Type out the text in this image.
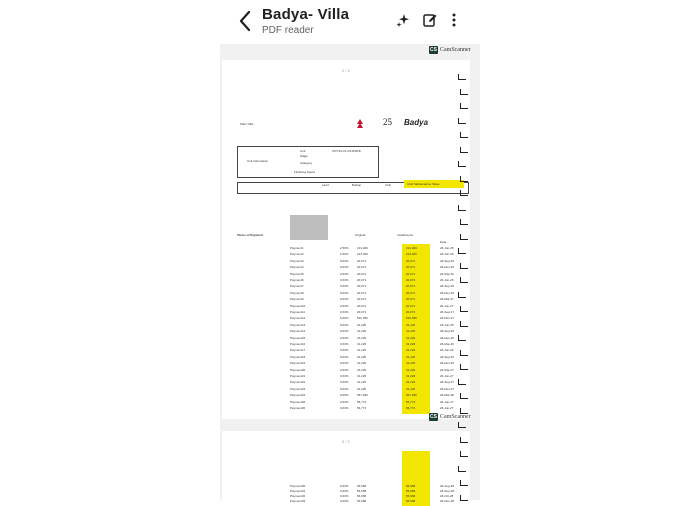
Badya- Villa
PDF reader
CS CamScanner
2 / 3
Palm Hills	25 Badya
Unit Information
Unit
Stage
Category
Finishing Specs
C5/Y34-V1-P2-B18-B
Land	Builtup	Club	Club Maintenance Value
Terms of Payment	Original	Installments
Date
Payment1	2.50%	213,460	213,460	26-Jun-25
Payment2	2.50%	213,460	213,460	26-Jun-25
Payment3	0.63%	20,071	20,071	26-Sep-25
Payment4	0.63%	20,071	20,071	26-Dec-25
Payment5	0.63%	20,071	20,071	26-Mar-26
Payment6	0.63%	20,071	20,071	26-Jun-26
Payment7	0.63%	20,071	20,071	26-Sep-26
Payment8	0.63%	20,071	20,071	26-Dec-26
Payment9	0.63%	20,071	20,071	26-Mar-27
Payment10	0.63%	20,071	20,071	26-Jun-27
Payment11	0.63%	20,071	20,071	26-Sep-27
Payment12	6.00%	510,356	510,356	26-Dec-27
Payment13	0.63%	31,226	31,226	26-Jun-25
Payment14	0.63%	31,226	31,226	26-Sep-25
Payment15	0.63%	31,226	31,226	26-Dec-25
Payment16	0.63%	31,226	31,226	26-Mar-26
Payment17	0.63%	31,226	31,226	26-Jun-26
Payment18	0.63%	31,226	31,226	26-Sep-26
Payment19	0.63%	31,226	31,226	26-Dec-26
Payment20	0.63%	31,226	31,226	26-Mar-27
Payment21	0.63%	31,226	31,226	26-Jun-27
Payment22	0.63%	31,226	31,226	26-Sep-27
Payment23	0.63%	31,226	31,226	26-Dec-27
Payment24	6.00%	567,936	567,936	26-Mar-28
Payment25	0.63%	56,774	56,774	26-Jun-27
Payment26	0.63%	56,774	56,774	26-Jun-27
CS CamScanner
3 / 3
Payment30	0.63%	56,668	56,668	26-Aug-28
Payment31	0.63%	56,668	56,668	26-Sep-28
Payment32	0.63%	56,668	56,668	26-Oct-28
Payment33	0.63%	56,668	56,668	26-Nov-28
